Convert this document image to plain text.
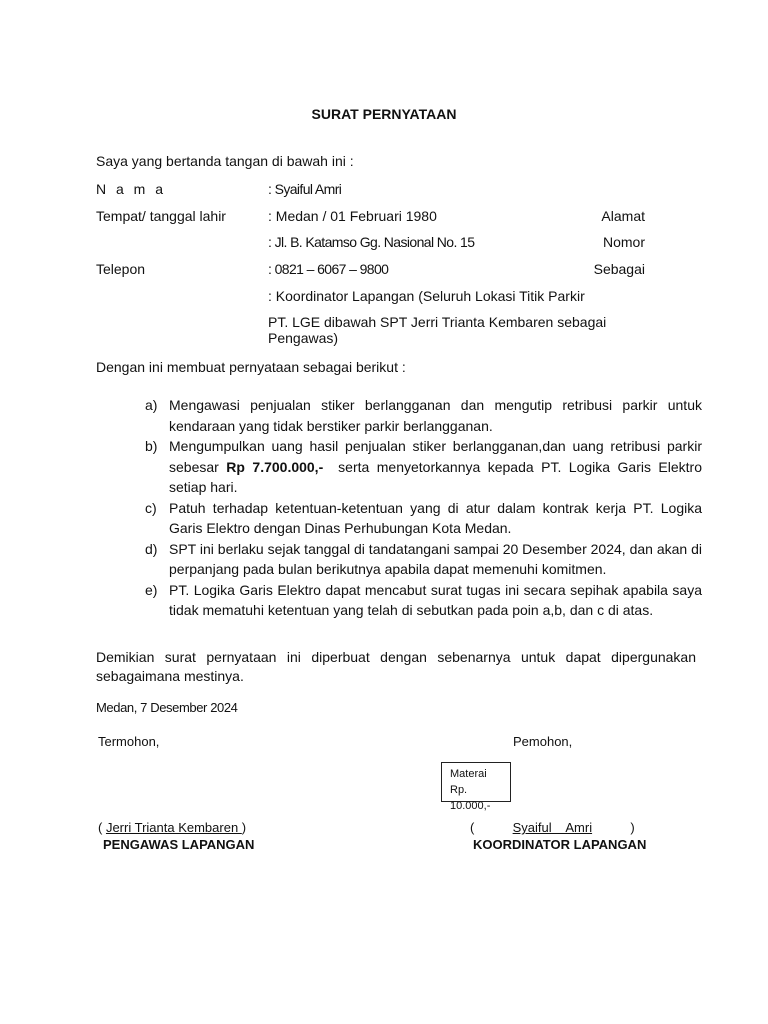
SURAT PERNYATAAN
Saya yang bertanda tangan di bawah ini :
N a m a	: Syaiful Amri
Tempat/ tanggal lahir	: Medan / 01 Februari 1980	Alamat
: Jl. B. Katamso Gg. Nasional No. 15	Nomor
Telepon	: 0821 – 6067 – 9800	Sebagai
: Koordinator Lapangan (Seluruh Lokasi Titik Parkir
PT. LGE dibawah SPT Jerri Trianta Kembaren sebagai Pengawas)
Dengan ini membuat pernyataan sebagai berikut :
a) Mengawasi penjualan stiker berlangganan dan mengutip retribusi parkir untuk kendaraan yang tidak berstiker parkir berlangganan.
b) Mengumpulkan uang hasil penjualan stiker berlangganan,dan uang retribusi parkir sebesar Rp 7.700.000,-  serta menyetorkannya kepada PT. Logika Garis Elektro setiap hari.
c) Patuh terhadap ketentuan-ketentuan yang di atur dalam kontrak kerja PT. Logika Garis Elektro dengan Dinas Perhubungan Kota Medan.
d) SPT ini berlaku sejak tanggal di tandatangani sampai 20 Desember 2024, dan akan di perpanjang pada bulan berikutnya apabila dapat memenuhi komitmen.
e) PT. Logika Garis Elektro dapat mencabut surat tugas ini secara sepihak apabila saya tidak mematuhi ketentuan yang telah di sebutkan pada poin a,b, dan c di atas.
Demikian surat pernyataan ini diperbuat dengan sebenarnya untuk dapat dipergunakan
sebagaimana mestinya.
Medan, 7 Desember 2024
Termohon,	Pemohon,
Materai
Rp. 10.000,-
( Jerri Trianta Kembaren )
PENGAWAS LAPANGAN
(	Syaiful    Amri	)
KOORDINATOR LAPANGAN
